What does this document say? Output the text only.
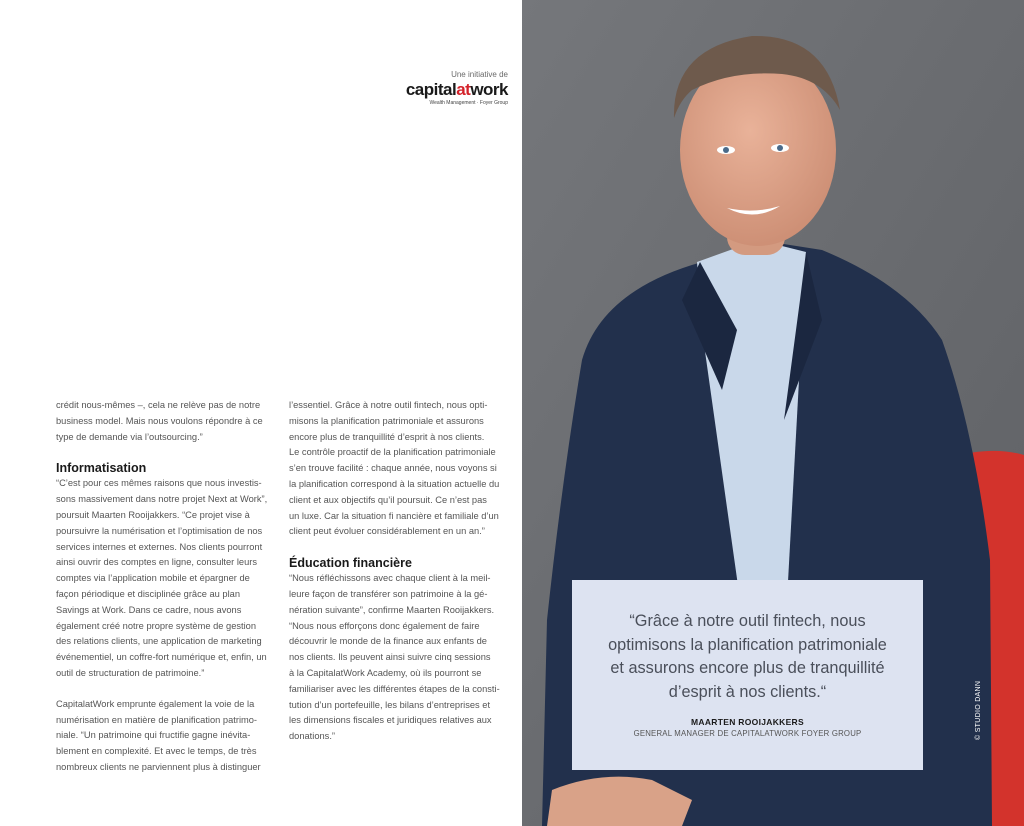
Une initiative de
capitalatwork
Wealth Management · Foyer Group

crédit nous-mêmes –, cela ne relève pas de notre
business model. Mais nous voulons répondre à ce
type de demande via l’outsourcing.”

Informatisation

“C’est pour ces mêmes raisons que nous investis-
sons massivement dans notre projet Next at Work”,
poursuit Maarten Rooijakkers. “Ce projet vise à
poursuivre la numérisation et l’optimisation de nos
services internes et externes. Nos clients pourront
ainsi ouvrir des comptes en ligne, consulter leurs
comptes via l’application mobile et épargner de
façon périodique et disciplinée grâce au plan
Savings at Work. Dans ce cadre, nous avons
également créé notre propre système de gestion
des relations clients, une application de marketing
événementiel, un coffre-fort numérique et, enfin, un
outil de structuration de patrimoine.”

CapitalatWork emprunte également la voie de la
numérisation en matière de planification patrimo-
niale. “Un patrimoine qui fructifie gagne inévita-
blement en complexité. Et avec le temps, de très
nombreux clients ne parviennent plus à distinguer

l’essentiel. Grâce à notre outil fintech, nous opti-
misons la planification patrimoniale et assurons
encore plus de tranquillité d’esprit à nos clients.
Le contrôle proactif de la planification patrimoniale
s’en trouve facilité : chaque année, nous voyons si
la planification correspond à la situation actuelle du
client et aux objectifs qu’il poursuit. Ce n’est pas
un luxe. Car la situation fi nancière et familiale d’un
client peut évoluer considérablement en un an.”

Éducation financière

“Nous réfléchissons avec chaque client à la meil-
leure façon de transférer son patrimoine à la gé-
nération suivante”, confirme Maarten Rooijakkers.
“Nous nous efforçons donc également de faire
découvrir le monde de la finance aux enfants de
nos clients. Ils peuvent ainsi suivre cinq sessions
à la CapitalatWork Academy, où ils pourront se
familiariser avec les différentes étapes de la consti-
tution d’un portefeuille, les bilans d’entreprises et
les dimensions fiscales et juridiques relatives aux
donations.”

“Grâce à notre outil fintech, nous
optimisons la planification patrimoniale
et assurons encore plus de tranquillité
d’esprit à nos clients.“
MAARTEN ROOIJAKKERS
GENERAL MANAGER DE CAPITALATWORK FOYER GROUP	© STUDIO DANN
